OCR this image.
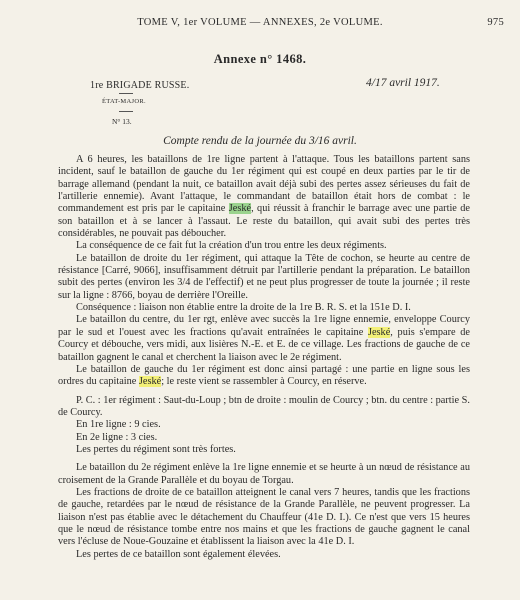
TOME V, 1er VOLUME — ANNEXES, 2e VOLUME.	975
Annexe n° 1468.
1re BRIGADE RUSSE.	4/17 avril 1917.
ÉTAT-MAJOR.
N° 13.
Compte rendu de la journée du 3/16 avril.

A 6 heures, les bataillons de 1re ligne partent à l'attaque. Tous les bataillons partent sans incident, sauf le bataillon de gauche du 1er régiment qui est coupé en deux parties par le tir de barrage allemand (pendant la nuit, ce bataillon avait déjà subi des pertes assez sérieuses du fait de l'artillerie ennemie). Avant l'attaque, le commandant de bataillon était hors de combat : le commandement est pris par le capitaine Jeské, qui réussit à franchir le barrage avec une partie de son bataillon et à se lancer à l'assaut. Le reste du bataillon, qui avait subi des pertes très considérables, ne pouvait pas déboucher.

La conséquence de ce fait fut la création d'un trou entre les deux régiments.

Le bataillon de droite du 1er régiment, qui attaque la Tête de cochon, se heurte au centre de résistance [Carré, 9066], insuffisamment détruit par l'artillerie pendant la préparation. Le bataillon subit des pertes (environ les 3/4 de l'effectif) et ne peut plus progresser de toute la journée ; il reste sur la ligne : 8766, boyau de derrière l'Oreille.

Conséquence : liaison non établie entre la droite de la 1re B. R. S. et la 151e D. I.

Le bataillon du centre, du 1er rgt, enlève avec succès la 1re ligne ennemie, enveloppe Courcy par le sud et l'ouest avec les fractions qu'avait entraînées le capitaine Jeské, puis s'empare de Courcy et débouche, vers midi, aux lisières N.-E. et E. de ce village. Les fractions de gauche de ce bataillon gagnent le canal et cherchent la liaison avec le 2e régiment.

Le bataillon de gauche du 1er régiment est donc ainsi partagé : une partie en ligne sous les ordres du capitaine Jeské; le reste vient se rassembler à Courcy, en réserve.

P. C. : 1er régiment : Saut-du-Loup ; btn de droite : moulin de Courcy ; btn. du centre : partie S. de Courcy.

En 1re ligne : 9 cies.

En 2e ligne : 3 cies.

Les pertes du régiment sont très fortes.

Le bataillon du 2e régiment enlève la 1re ligne ennemie et se heurte à un nœud de résistance au croisement de la Grande Parallèle et du boyau de Torgau.

Les fractions de droite de ce bataillon atteignent le canal vers 7 heures, tandis que les fractions de gauche, retardées par le nœud de résistance de la Grande Parallèle, ne peuvent progresser. La liaison n'est pas établie avec le détachement du Chauffeur (41e D. I.). Ce n'est que vers 15 heures que le nœud de résistance tombe entre nos mains et que les fractions de gauche gagnent le canal vers l'écluse de Noue-Gouzaine et établissent la liaison avec la 41e D. I.

Les pertes de ce bataillon sont également élevées.
